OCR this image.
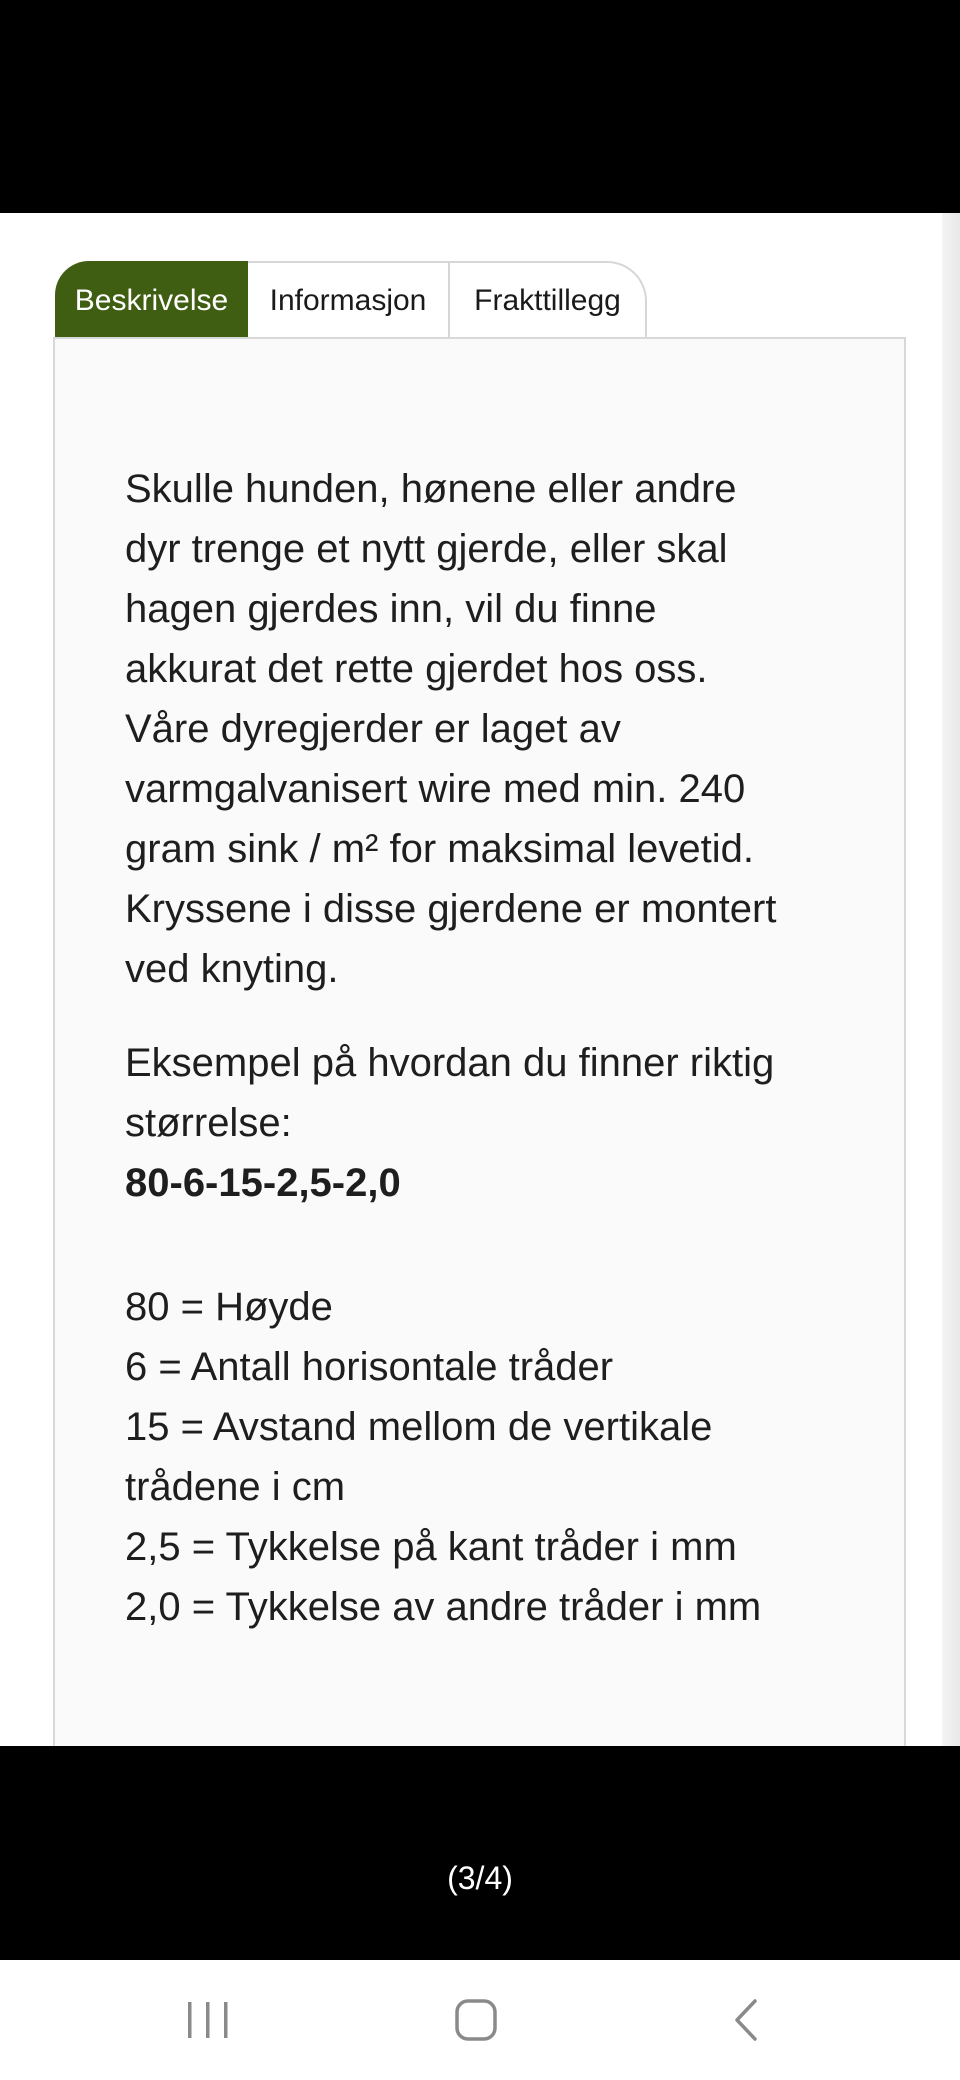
Beskrivelse	Informasjon	Frakttillegg

Skulle hunden, hønene eller andre
dyr trenge et nytt gjerde, eller skal
hagen gjerdes inn, vil du finne
akkurat det rette gjerdet hos oss.
Våre dyregjerder er laget av
varmgalvanisert wire med min. 240
gram sink / m² for maksimal levetid.
Kryssene i disse gjerdene er montert
ved knyting.

Eksempel på hvordan du finner riktig
størrelse:
80-6-15-2,5-2,0

80 = Høyde
6 = Antall horisontale tråder
15 = Avstand mellom de vertikale
trådene i cm
2,5 = Tykkelse på kant tråder i mm
2,0 = Tykkelse av andre tråder i mm

(3/4)
